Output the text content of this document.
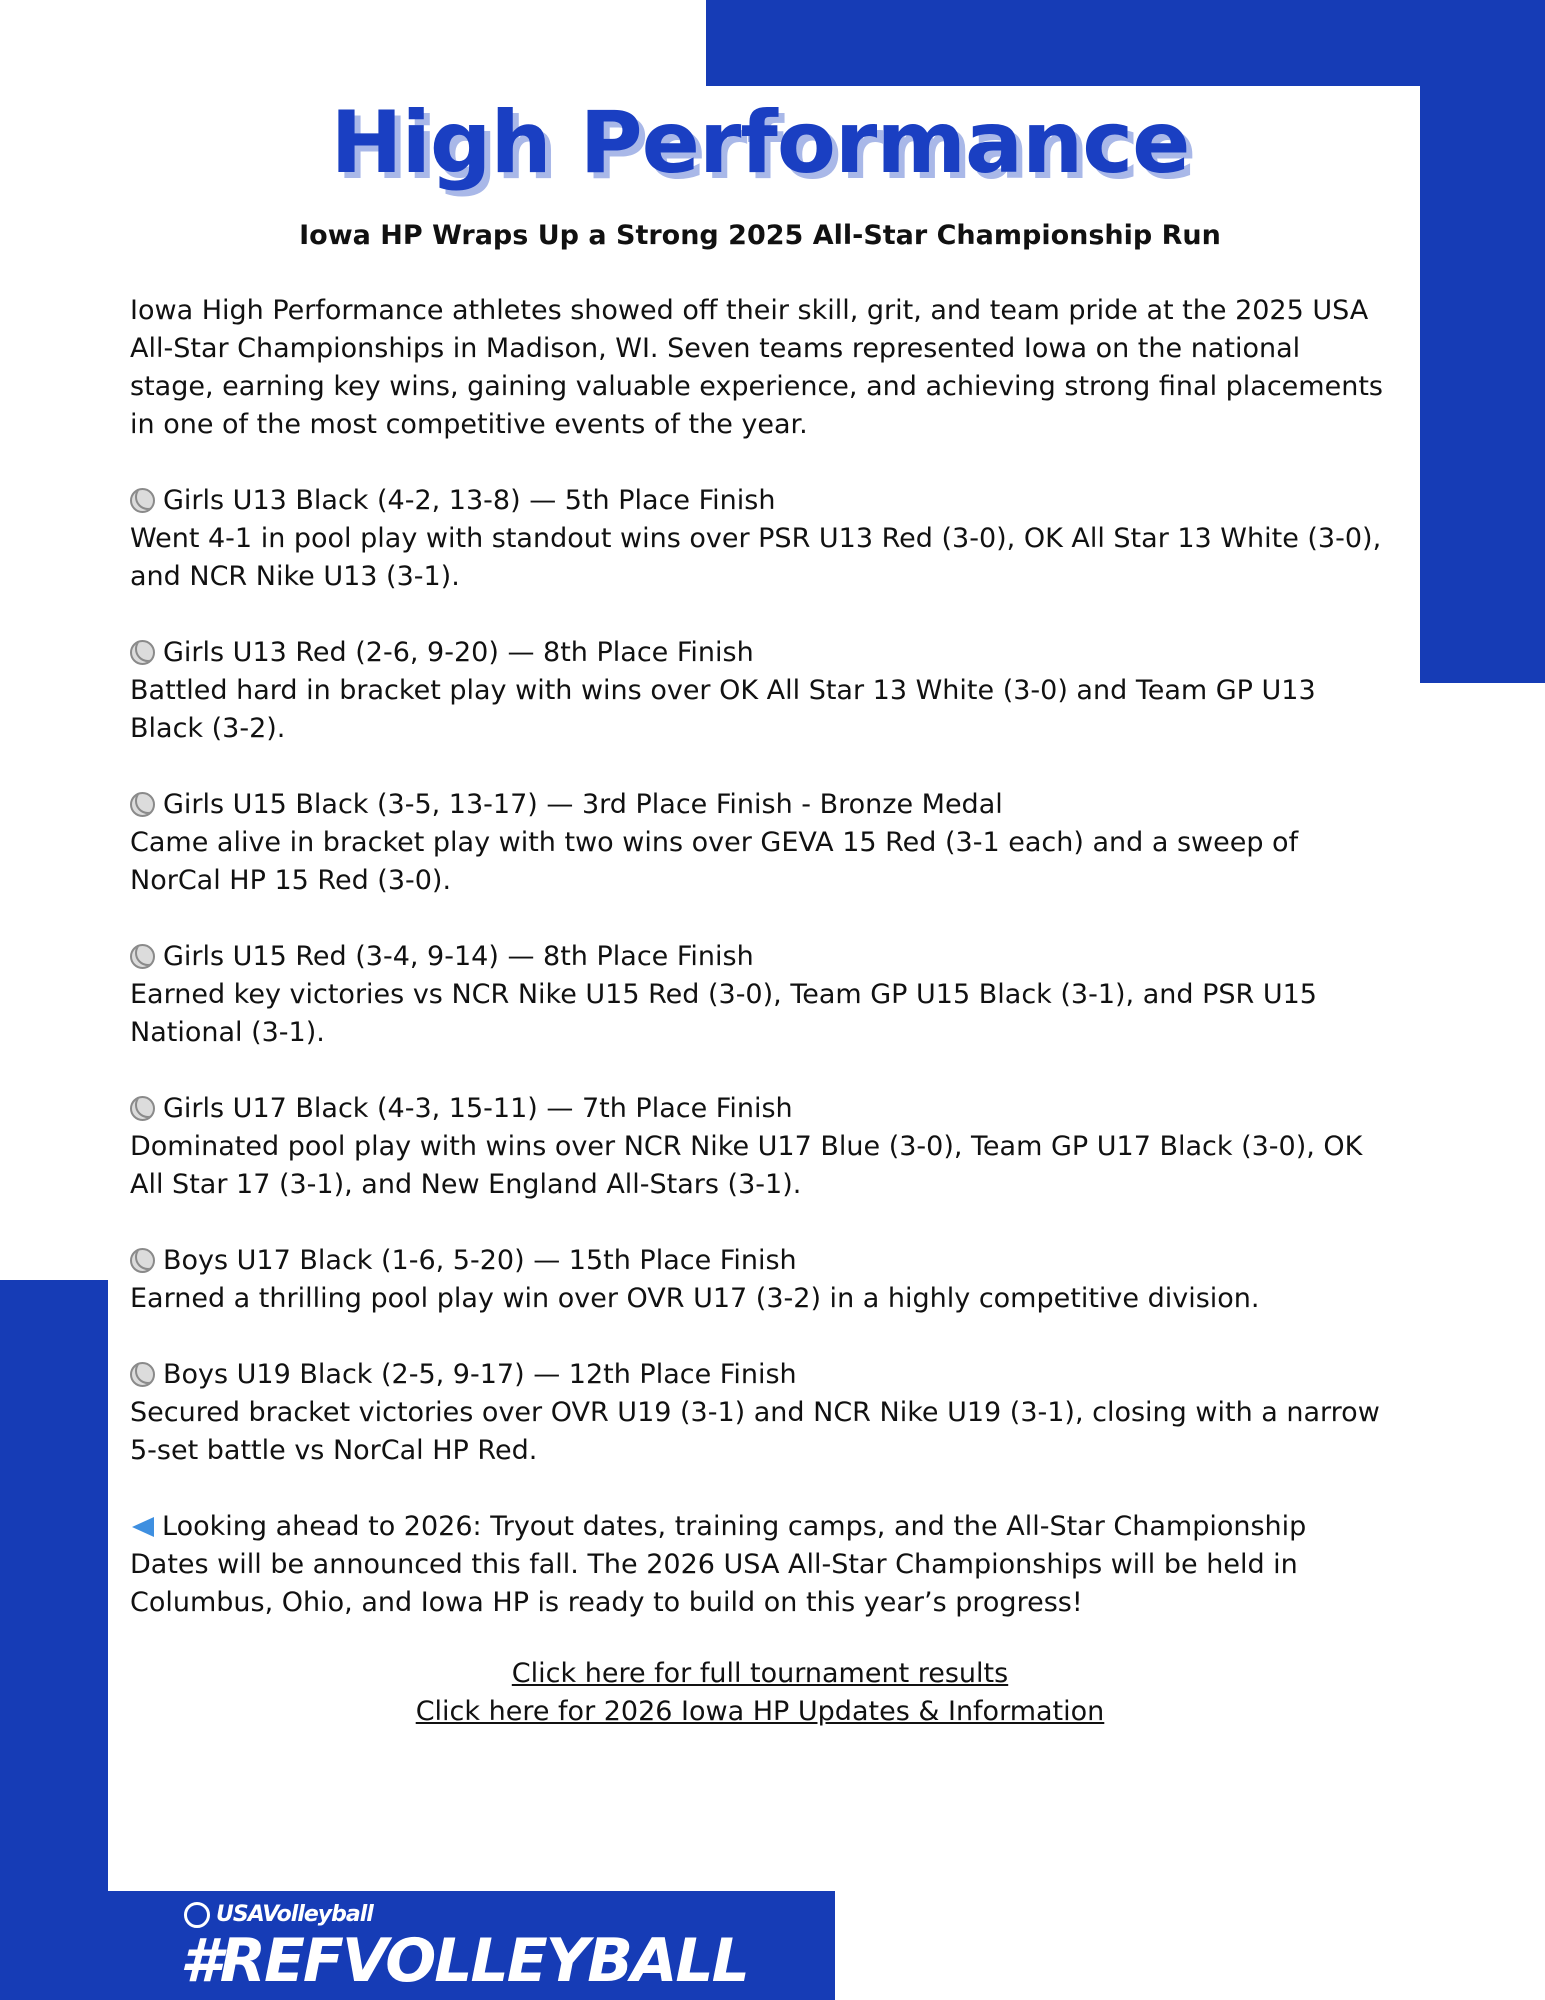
High Performance
Iowa HP Wraps Up a Strong 2025 All-Star Championship Run

Iowa High Performance athletes showed off their skill, grit, and team pride at the 2025 USA All-Star Championships in Madison, WI. Seven teams represented Iowa on the national stage, earning key wins, gaining valuable experience, and achieving strong final placements in one of the most competitive events of the year.

Girls U13 Black (4-2, 13-8) — 5th Place Finish
Went 4-1 in pool play with standout wins over PSR U13 Red (3-0), OK All Star 13 White (3-0), and NCR Nike U13 (3-1).
Girls U13 Red (2-6, 9-20) — 8th Place Finish
Battled hard in bracket play with wins over OK All Star 13 White (3-0) and Team GP U13 Black (3-2).
Girls U15 Black (3-5, 13-17) — 3rd Place Finish - Bronze Medal
Came alive in bracket play with two wins over GEVA 15 Red (3-1 each) and a sweep of NorCal HP 15 Red (3-0).
Girls U15 Red (3-4, 9-14) — 8th Place Finish
Earned key victories vs NCR Nike U15 Red (3-0), Team GP U15 Black (3-1), and PSR U15 National (3-1).
Girls U17 Black (4-3, 15-11) — 7th Place Finish
Dominated pool play with wins over NCR Nike U17 Blue (3-0), Team GP U17 Black (3-0), OK All Star 17 (3-1), and New England All-Stars (3-1).
Boys U17 Black (1-6, 5-20) — 15th Place Finish
Earned a thrilling pool play win over OVR U17 (3-2) in a highly competitive division.
Boys U19 Black (2-5, 9-17) — 12th Place Finish
Secured bracket victories over OVR U19 (3-1) and NCR Nike U19 (3-1), closing with a narrow 5-set battle vs NorCal HP Red.

Looking ahead to 2026: Tryout dates, training camps, and the All-Star Championship Dates will be announced this fall. The 2026 USA All-Star Championships will be held in Columbus, Ohio, and Iowa HP is ready to build on this year’s progress!

Click here for full tournament results
Click here for 2026 Iowa HP Updates & Information
USAVolleyball
#REFVOLLEYBALL
